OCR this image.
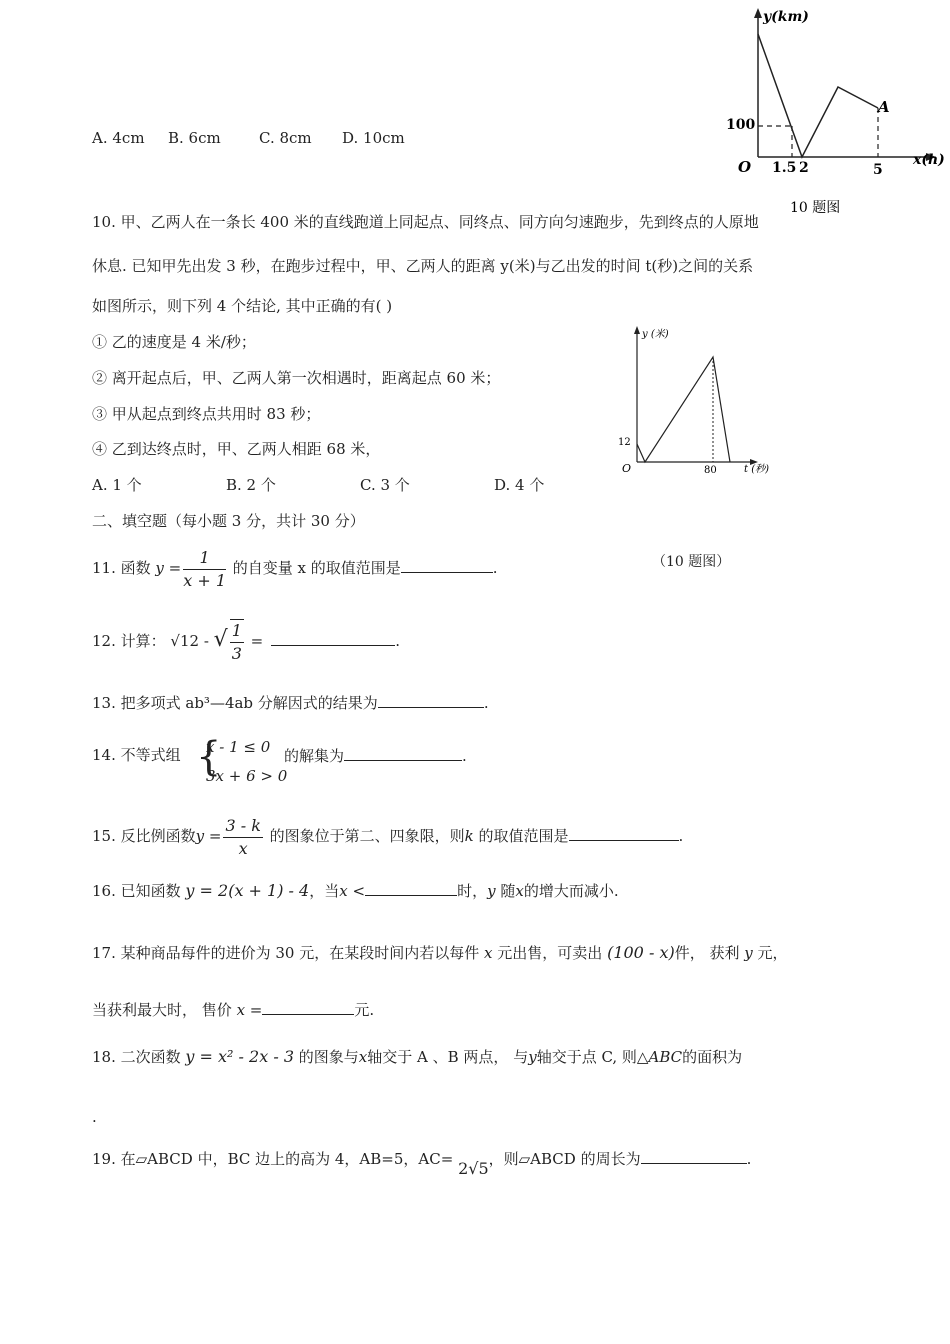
A. 4cm B. 6cm	C. 8cm D. 10cm
y(km)
x(h)
O
100
1.5 2	5
A
10 题图
10. 甲、乙两人在一条长 400 米的直线跑道上同起点、同终点、同方向匀速跑步，先到终点的人原地
休息. 已知甲先出发 3 秒，在跑步过程中，甲、乙两人的距离 y(米)与乙出发的时间 t(秒)之间的关系
如图所示，则下列 4 个结论, 其中正确的有( )
① 乙的速度是 4 米/秒；
② 离开起点后，甲、乙两人第一次相遇时，距离起点 60 米；
③ 甲从起点到终点共用时 83 秒；
④ 乙到达终点时，甲、乙两人相距 68 米，
A. 1 个	B. 2 个	C. 3 个	D. 4 个
y (米)
t (秒)
O
12
80
（10 题图）
二、填空题（每小题 3 分，共计 30 分）
11. 函数 $y = \frac{1}{x + 1}$ 的自变量 x 的取值范围是	.
12. 计算： √12 - √ $\frac{1}{3}$ =	.
13. 把多项式 ab³—4ab 分解因式的结果为	.
14. 不等式组 {
x - 1 ≤ 0
3x + 6 > 0
的解集为	.
15. 反比例函数$y = \frac{3 - k}{x}$ 的图象位于第二、四象限，则k 的取值范围是	.
16. 已知函数 y = 2(x + 1) - 4，当x <	时，y 随x的增大而减小.
17. 某种商品每件的进价为 30 元，在某段时间内若以每件 x 元出售，可卖出 (100 - x)件， 获利 y 元，
当获利最大时， 售价 x =	元.
18. 二次函数 y = x² - 2x - 3 的图象与x轴交于 A 、B 两点， 与y轴交于点 C, 则△ABC的面积为
.
19. 在▱ABCD 中，BC 边上的高为 4，AB=5，AC= 2√5，则▱ABCD 的周长为	.
